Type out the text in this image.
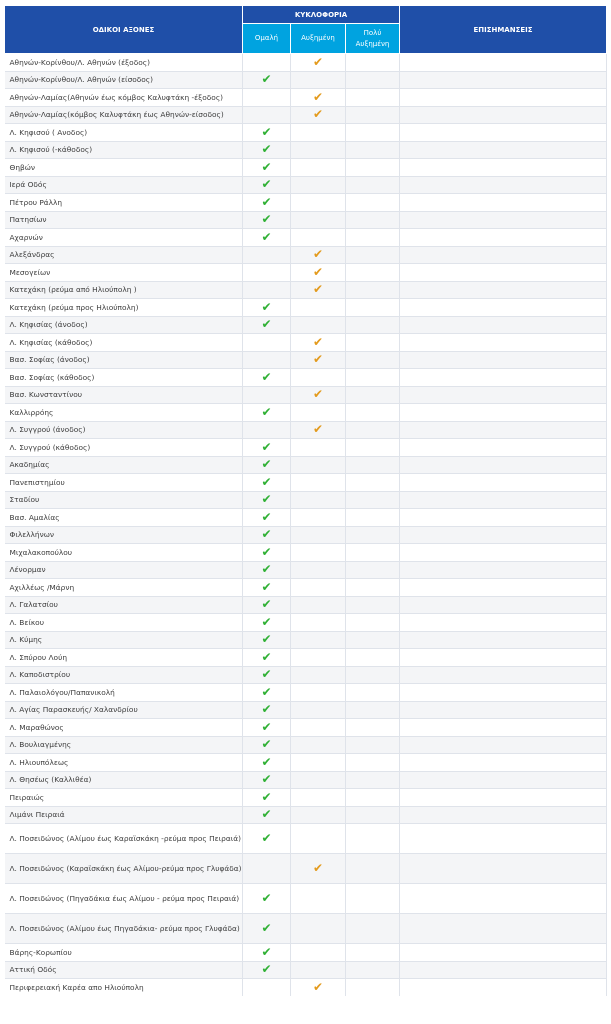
ΟΔΙΚΟΙ ΑΞΟΝΕΣ	ΚΥΚΛΟΦΟΡΙΑ			ΕΠΙΣΗΜΑΝΣΕΙΣ
	Ομαλή	Αυξημένη	Πολύ Αυξημένη	
Αθηνών-Κορίνθου/Λ. Αθηνών (έξοδος)		✔		
Αθηνών-Κορίνθου/Λ. Αθηνών (είσοδος)	✔			
Αθηνών-Λαμίας(Αθηνών έως κόμβος Καλυφτάκη -έξοδος)		✔		
Αθηνών-Λαμίας(κόμβος Καλυφτάκη έως Αθηνών-είσοδος)		✔		
Λ. Κηφισού ( Ανοδος)	✔			
Λ. Κηφισού (-κάθοδος)	✔			
Θηβών	✔			
Ιερά Οδός	✔			
Πέτρου Ράλλη	✔			
Πατησίων	✔			
Αχαρνών	✔			
Αλεξάνδρας		✔		
Μεσογείων		✔		
Κατεχάκη (ρεύμα από Ηλιούπολη )		✔		
Κατεχάκη (ρεύμα προς Ηλιούπολη)	✔			
Λ. Κηφισίας (άνοδος)	✔			
Λ. Κηφισίας (κάθοδος)		✔		
Βασ. Σοφίας (άνοδος)		✔		
Βασ. Σοφίας (κάθοδος)	✔			
Βασ. Κωνσταντίνου		✔		
Καλλιρρόης	✔			
Λ. Συγγρού (άνοδος)		✔		
Λ. Συγγρού (κάθοδος)	✔			
Ακαδημίας	✔			
Πανεπιστημίου	✔			
Σταδίου	✔			
Βασ. Αμαλίας	✔			
Φιλελλήνων	✔			
Μιχαλακοπούλου	✔			
Λένορμαν	✔			
Αχιλλέως /Μάρνη	✔			
Λ. Γαλατσίου	✔			
Λ. Βείκου	✔			
Λ. Κύμης	✔			
Λ. Σπύρου Λούη	✔			
Λ. Καποδιστρίου	✔			
Λ. Παλαιολόγου/Παπανικολή	✔			
Λ. Αγίας Παρασκευής/ Χαλανδρίου	✔			
Λ. Μαραθώνος	✔			
Λ. Βουλιαγμένης	✔			
Λ. Ηλιουπόλεως	✔			
Λ. Θησέως (Καλλιθέα)	✔			
Πειραιώς	✔			
Λιμάνι Πειραιά	✔			
Λ. Ποσειδώνος (Αλίμου έως Καραϊσκάκη -ρεύμα προς Πειραιά)	✔			
Λ. Ποσειδώνος (Καραϊσκάκη έως Αλίμου-ρεύμα προς Γλυφάδα)		✔		
Λ. Ποσειδώνος (Πηγαδάκια έως Αλίμου - ρεύμα προς Πειραιά)	✔			
Λ. Ποσειδώνος (Αλίμου έως Πηγαδάκια- ρεύμα προς Γλυφάδα)	✔			
Βάρης-Κορωπίου	✔			
Αττική Οδός	✔			
Περιφερειακή Καρέα απο Ηλιούπολη		✔		
